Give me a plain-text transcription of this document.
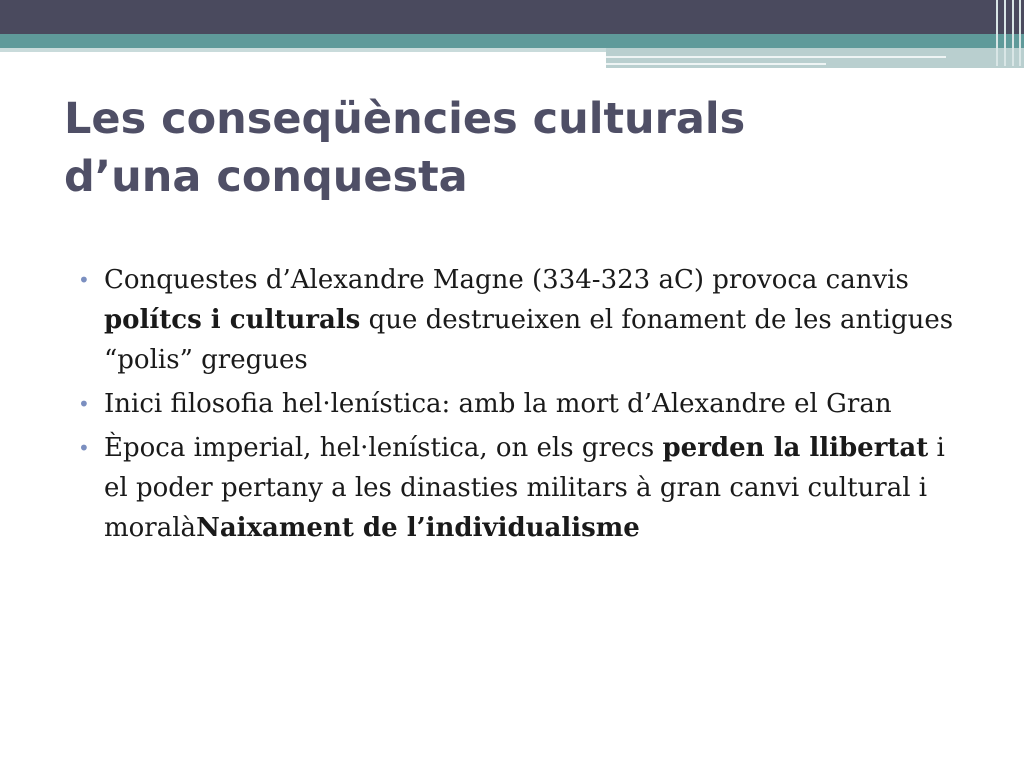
Les conseqüències culturals
d’una conquesta
• Conquestes d’Alexandre Magne (334-323 aC) provoca canvis polítcs i culturals que destrueixen el fonament de les antigues “polis” gregues
• Inici filosofia hel·lenística: amb la mort d’Alexandre el Gran
• Època imperial, hel·lenística, on els grecs perden la llibertat i el poder pertany a les dinasties militars à gran canvi cultural i moralàNaixament de l’individualisme
